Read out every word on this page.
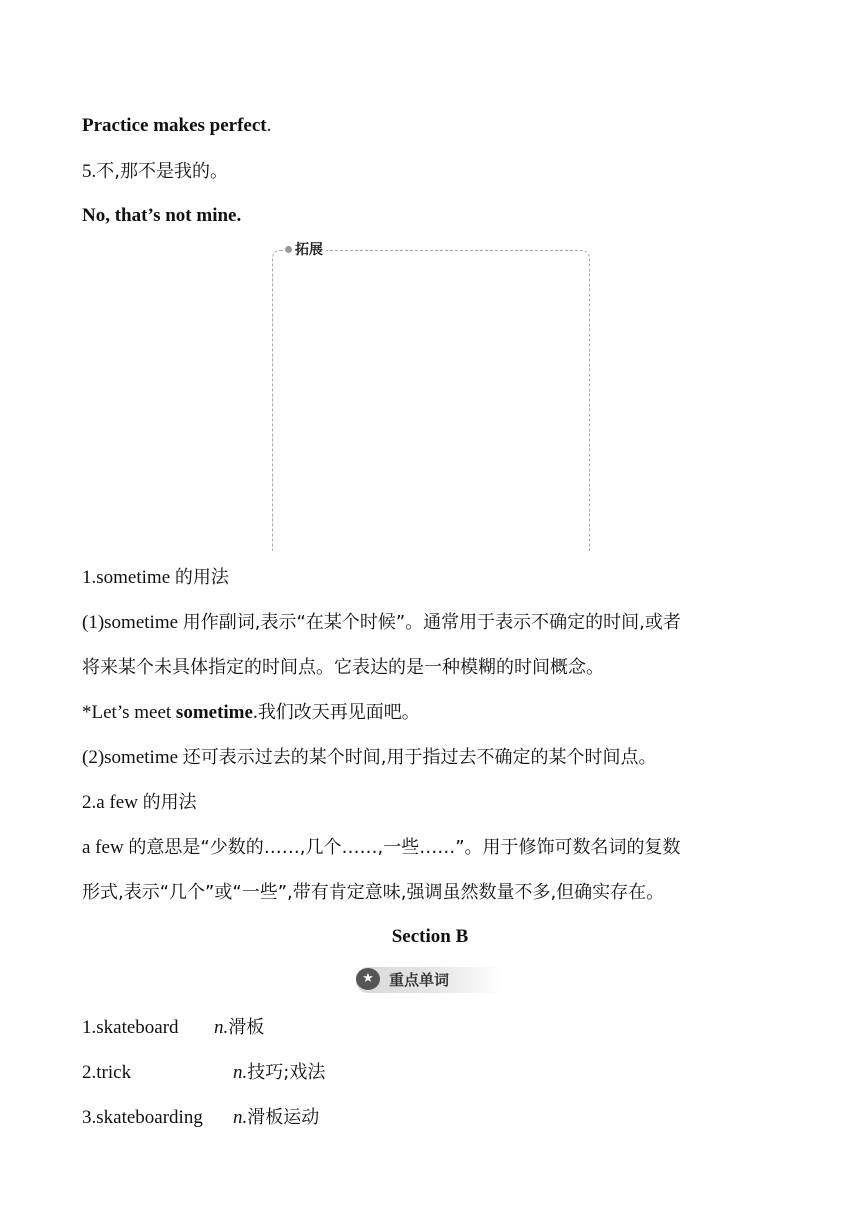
Practice makes perfect.
5.不,那不是我的。
No, that’s not mine.
拓展
1.sometime 的用法
(1)sometime 用作副词,表示“在某个时候”。通常用于表示不确定的时间,或者
将来某个未具体指定的时间点。它表达的是一种模糊的时间概念。
*Let’s meet sometime.我们改天再见面吧。
(2)sometime 还可表示过去的某个时间,用于指过去不确定的某个时间点。
2.a few 的用法
a few 的意思是“少数的……,几个……,一些……”。用于修饰可数名词的复数
形式,表示“几个”或“一些”,带有肯定意味,强调虽然数量不多,但确实存在。
Section B
★	重点单词
1.skateboard n.滑板
2.trick	n.技巧;戏法
3.skateboarding n.滑板运动
